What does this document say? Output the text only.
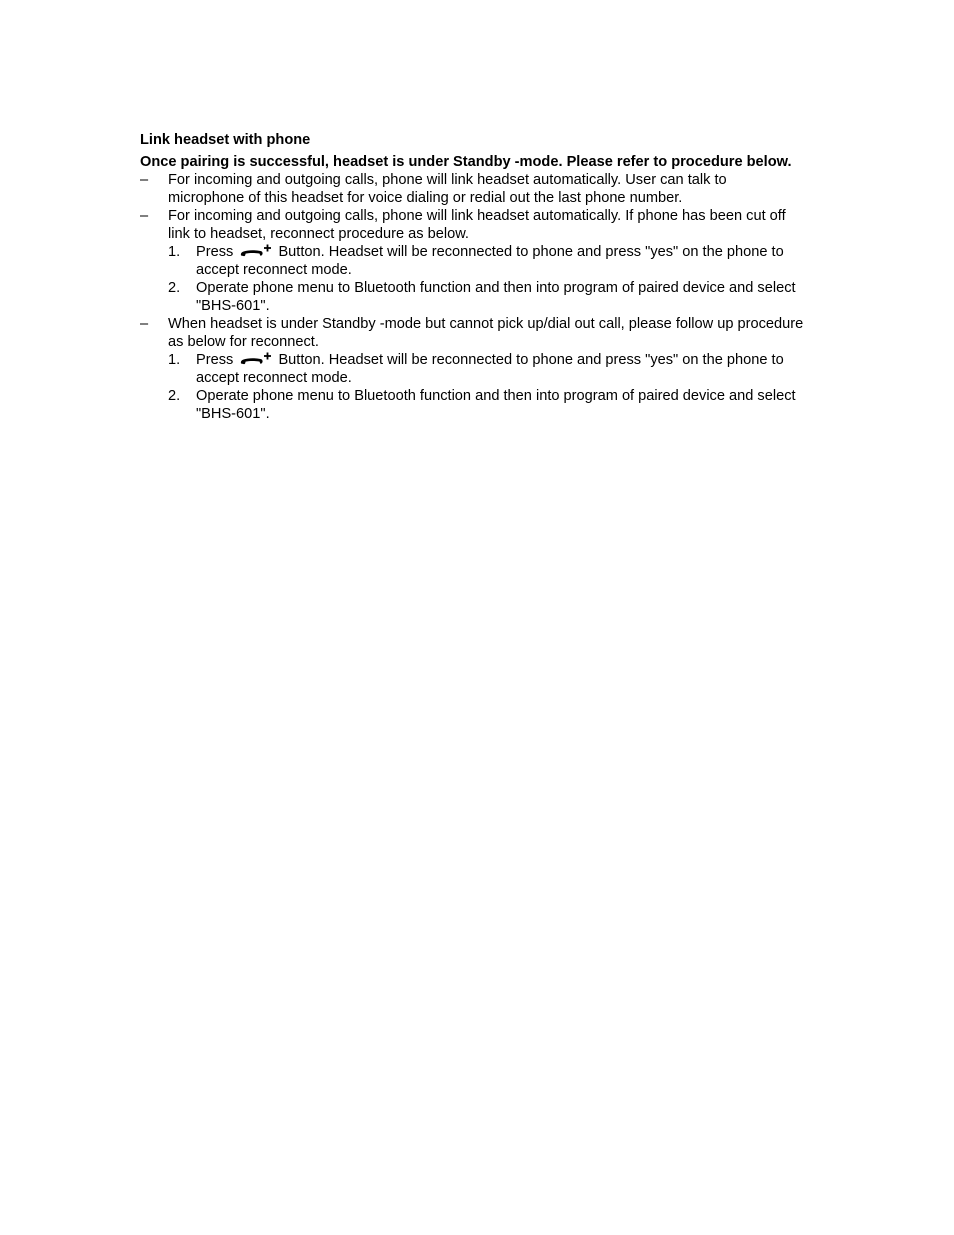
Link headset with phone

Once pairing is successful, headset is under Standby -mode. Please refer to procedure below.

– For incoming and outgoing calls, phone will link headset automatically. User can talk to microphone of this headset for voice dialing or redial out the last phone number.
– For incoming and outgoing calls, phone will link headset automatically. If phone has been cut off link to headset, reconnect procedure as below.
1. Press	Button. Headset will be reconnected to phone and press "yes" on the phone to accept reconnect mode.
2. Operate phone menu to Bluetooth function and then into program of paired device and select "BHS-601".
– When headset is under Standby -mode but cannot pick up/dial out call, please follow up procedure as below for reconnect.
1. Press	Button. Headset will be reconnected to phone and press "yes" on the phone to accept reconnect mode.
2. Operate phone menu to Bluetooth function and then into program of paired device and select "BHS-601".
